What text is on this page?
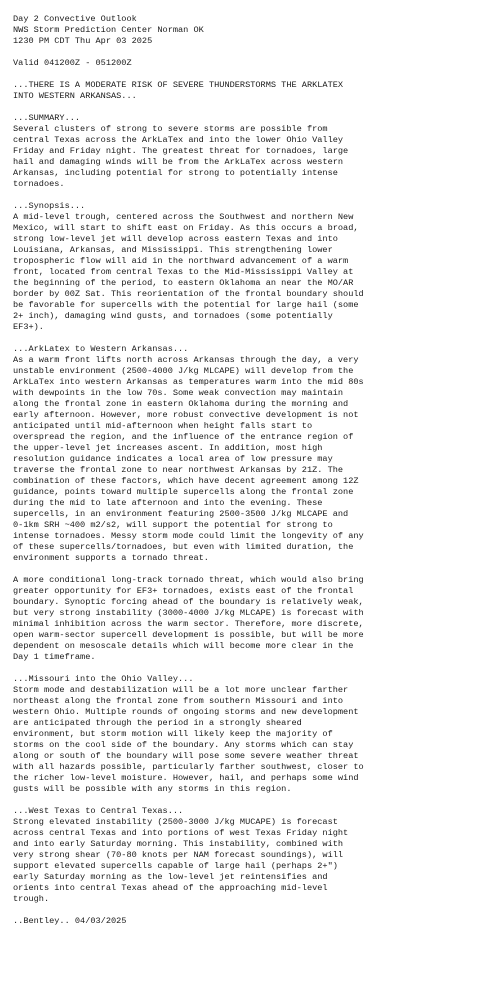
Day 2 Convective Outlook
NWS Storm Prediction Center Norman OK
1230 PM CDT Thu Apr 03 2025
Valid 041200Z - 051200Z
...THERE IS A MODERATE RISK OF SEVERE THUNDERSTORMS THE ARKLATEX
INTO WESTERN ARKANSAS...
...SUMMARY...
Several clusters of strong to severe storms are possible from
central Texas across the ArkLaTex and into the lower Ohio Valley
Friday and Friday night. The greatest threat for tornadoes, large
hail and damaging winds will be from the ArkLaTex across western
Arkansas, including potential for strong to potentially intense
tornadoes.
...Synopsis...
A mid-level trough, centered across the Southwest and northern New
Mexico, will start to shift east on Friday. As this occurs a broad,
strong low-level jet will develop across eastern Texas and into
Louisiana, Arkansas, and Mississippi. This strengthening lower
tropospheric flow will aid in the northward advancement of a warm
front, located from central Texas to the Mid-Mississippi Valley at
the beginning of the period, to eastern Oklahoma an near the MO/AR
border by 00Z Sat. This reorientation of the frontal boundary should
be favorable for supercells with the potential for large hail (some
2+ inch), damaging wind gusts, and tornadoes (some potentially
EF3+).
...ArkLatex to Western Arkansas...
As a warm front lifts north across Arkansas through the day, a very
unstable environment (2500-4000 J/kg MLCAPE) will develop from the
ArkLaTex into western Arkansas as temperatures warm into the mid 80s
with dewpoints in the low 70s. Some weak convection may maintain
along the frontal zone in eastern Oklahoma during the morning and
early afternoon. However, more robust convective development is not
anticipated until mid-afternoon when height falls start to
overspread the region, and the influence of the entrance region of
the upper-level jet increases ascent. In addition, most high
resolution guidance indicates a local area of low pressure may
traverse the frontal zone to near northwest Arkansas by 21Z. The
combination of these factors, which have decent agreement among 12Z
guidance, points toward multiple supercells along the frontal zone
during the mid to late afternoon and into the evening. These
supercells, in an environment featuring 2500-3500 J/kg MLCAPE and
0-1km SRH ~400 m2/s2, will support the potential for strong to
intense tornadoes. Messy storm mode could limit the longevity of any
of these supercells/tornadoes, but even with limited duration, the
environment supports a tornado threat.
A more conditional long-track tornado threat, which would also bring
greater opportunity for EF3+ tornadoes, exists east of the frontal
boundary. Synoptic forcing ahead of the boundary is relatively weak,
but very strong instability (3000-4000 J/kg MLCAPE) is forecast with
minimal inhibition across the warm sector. Therefore, more discrete,
open warm-sector supercell development is possible, but will be more
dependent on mesoscale details which will become more clear in the
Day 1 timeframe.
...Missouri into the Ohio Valley...
Storm mode and destabilization will be a lot more unclear farther
northeast along the frontal zone from southern Missouri and into
western Ohio. Multiple rounds of ongoing storms and new development
are anticipated through the period in a strongly sheared
environment, but storm motion will likely keep the majority of
storms on the cool side of the boundary. Any storms which can stay
along or south of the boundary will pose some severe weather threat
with all hazards possible, particularly farther southwest, closer to
the richer low-level moisture. However, hail, and perhaps some wind
gusts will be possible with any storms in this region.
...West Texas to Central Texas...
Strong elevated instability (2500-3000 J/kg MUCAPE) is forecast
across central Texas and into portions of west Texas Friday night
and into early Saturday morning. This instability, combined with
very strong shear (70-80 knots per NAM forecast soundings), will
support elevated supercells capable of large hail (perhaps 2+")
early Saturday morning as the low-level jet reintensifies and
orients into central Texas ahead of the approaching mid-level
trough.
..Bentley.. 04/03/2025
